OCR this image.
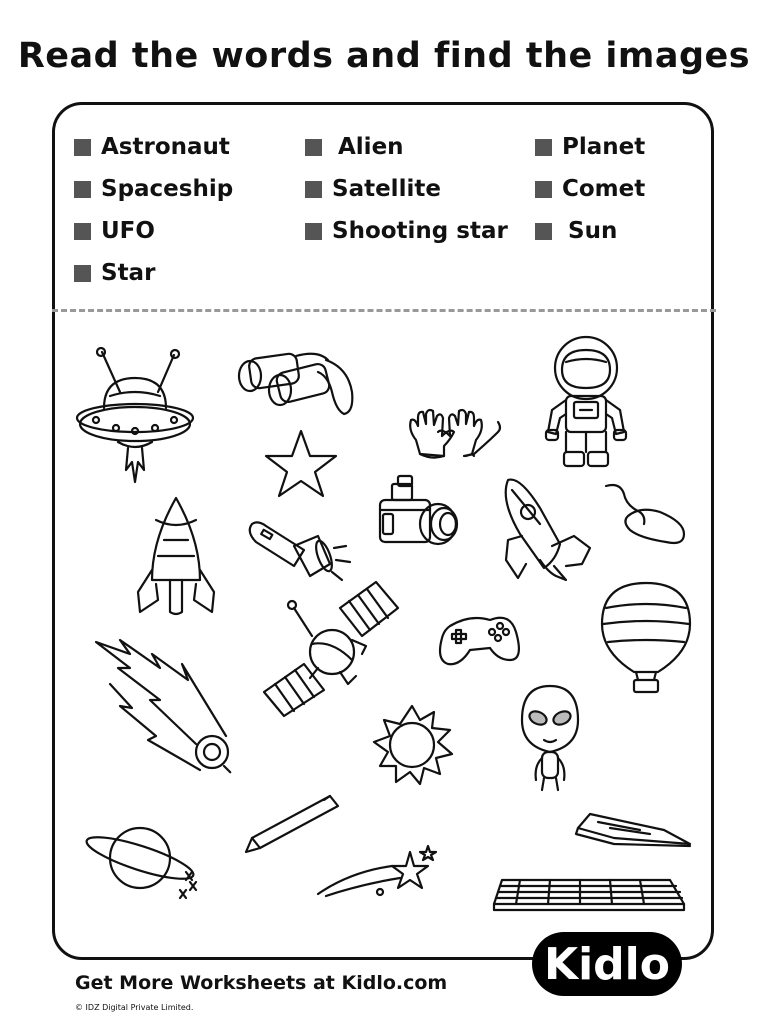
Read the words and find the images
Astronaut
Spaceship
UFO
Star
Alien
Satellite
Shooting star
Planet
Comet
Sun
Kidlo
Get More Worksheets at Kidlo.com
© IDZ Digital Private Limited.
